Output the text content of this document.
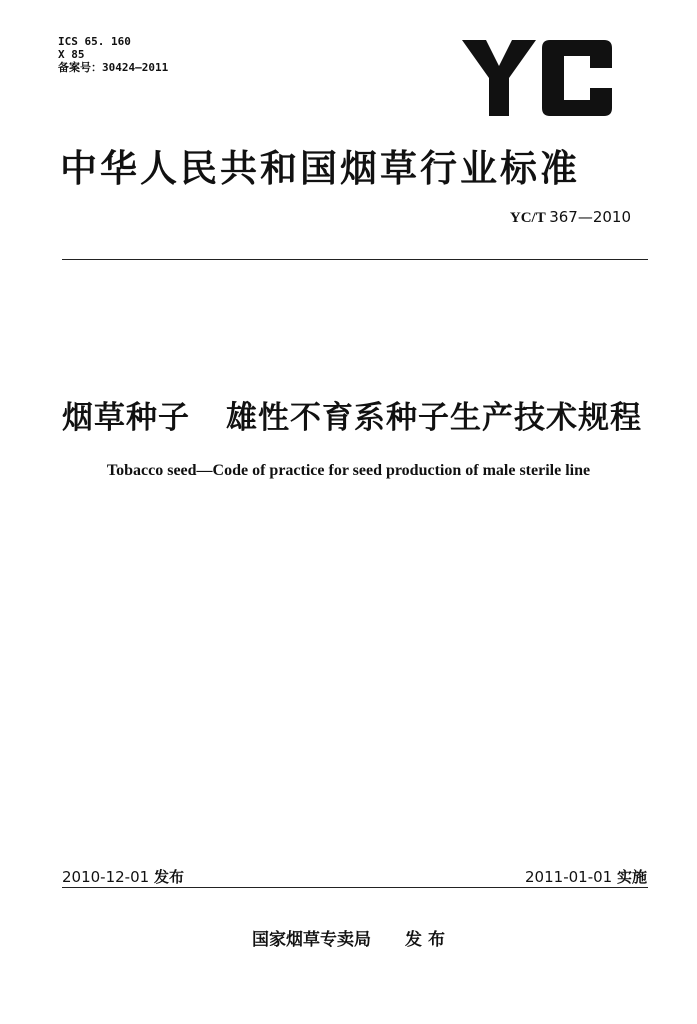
ICS 65. 160
X 85
备案号：30424—2011
中华人民共和国烟草行业标准
YC/T 367—2010
烟草种子 雄性不育系种子生产技术规程
Tobacco seed—Code of practice for seed production of male sterile line
2010-12-01 发布	2011-01-01 实施
国家烟草专卖局 发 布
